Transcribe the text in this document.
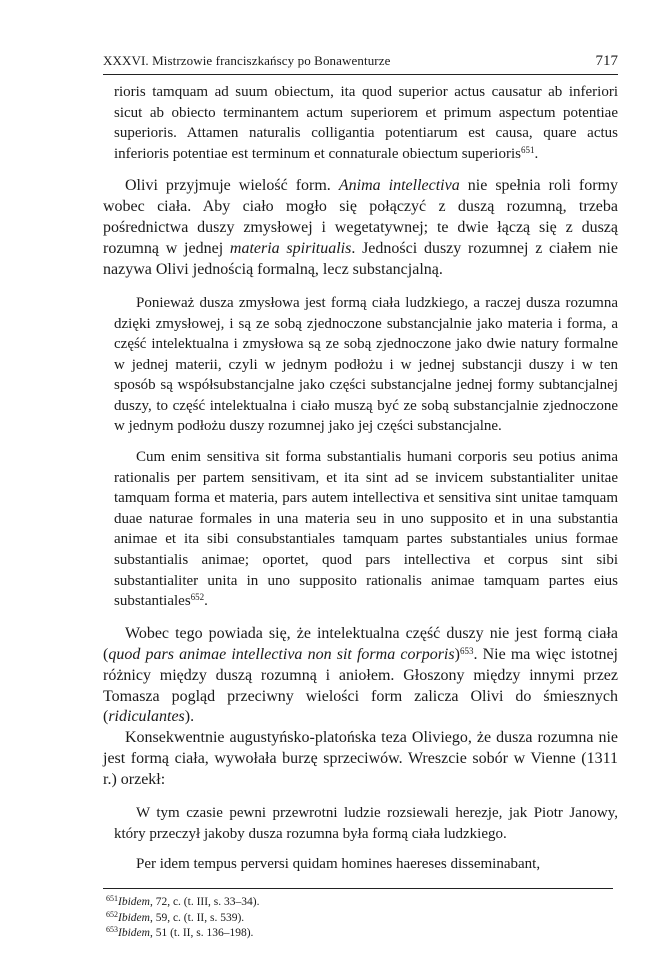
XXXVI. Mistrzowie franciszkańscy po Bonawenturze	717

rioris tamquam ad suum obiectum, ita quod superior actus causatur ab inferiori sicut ab obiecto terminantem actum superiorem et primum aspectum potentiae superioris. Attamen naturalis colligantia potentiarum est causa, quare actus inferioris potentiae est terminum et connaturale obiectum superioris$^{651}$.

Olivi przyjmuje wielość form. Anima intellectiva nie spełnia roli formy wobec ciała. Aby ciało mogło się połączyć z duszą rozumną, trzeba pośrednictwa duszy zmysłowej i wegetatywnej; te dwie łączą się z duszą rozumną w jednej materia spiritualis. Jedności duszy rozumnej z ciałem nie nazywa Olivi jednością formalną, lecz substancjalną.

Ponieważ dusza zmysłowa jest formą ciała ludzkiego, a raczej dusza rozumna dzięki zmysłowej, i są ze sobą zjednoczone substancjalnie jako materia i forma, a część intelektualna i zmysłowa są ze sobą zjednoczone jako dwie natury formalne w jednej materii, czyli w jednym podłożu i w jednej substancji duszy i w ten sposób są współsubstancjalne jako części substancjalne jednej formy subtancjalnej duszy, to część intelektualna i ciało muszą być ze sobą substancjalnie zjednoczone w jednym podłożu duszy rozumnej jako jej części substancjalne.

Cum enim sensitiva sit forma substantialis humani corporis seu potius anima rationalis per partem sensitivam, et ita sint ad se invicem substantialiter unitae tamquam forma et materia, pars autem intellectiva et sensitiva sint unitae tamquam duae naturae formales in una materia seu in uno supposito et in una substantia animae et ita sibi consubstantiales tamquam partes substantiales unius formae substantialis animae; oportet, quod pars intellectiva et corpus sint sibi substantialiter unita in uno supposito rationalis animae tamquam partes eius substantiales$^{652}$.

Wobec tego powiada się, że intelektualna część duszy nie jest formą ciała (quod pars animae intellectiva non sit forma corporis)$^{653}$. Nie ma więc istotnej różnicy między duszą rozumną i aniołem. Głoszony między innymi przez Tomasza pogląd przeciwny wielości form zalicza Olivi do śmiesznych (ridiculantes).

Konsekwentnie augustyńsko-platońska teza Oliviego, że dusza rozumna nie jest formą ciała, wywołała burzę sprzeciwów. Wreszcie sobór w Vienne (1311 r.) orzekł:

W tym czasie pewni przewrotni ludzie rozsiewali herezje, jak Piotr Janowy, który przeczył jakoby dusza rozumna była formą ciała ludzkiego.

Per idem tempus perversi quidam homines haereses disseminabant,

$^{651}$Ibidem, 72, c. (t. III, s. 33–34).
$^{652}$Ibidem, 59, c. (t. II, s. 539).
$^{653}$Ibidem, 51 (t. II, s. 136–198).
